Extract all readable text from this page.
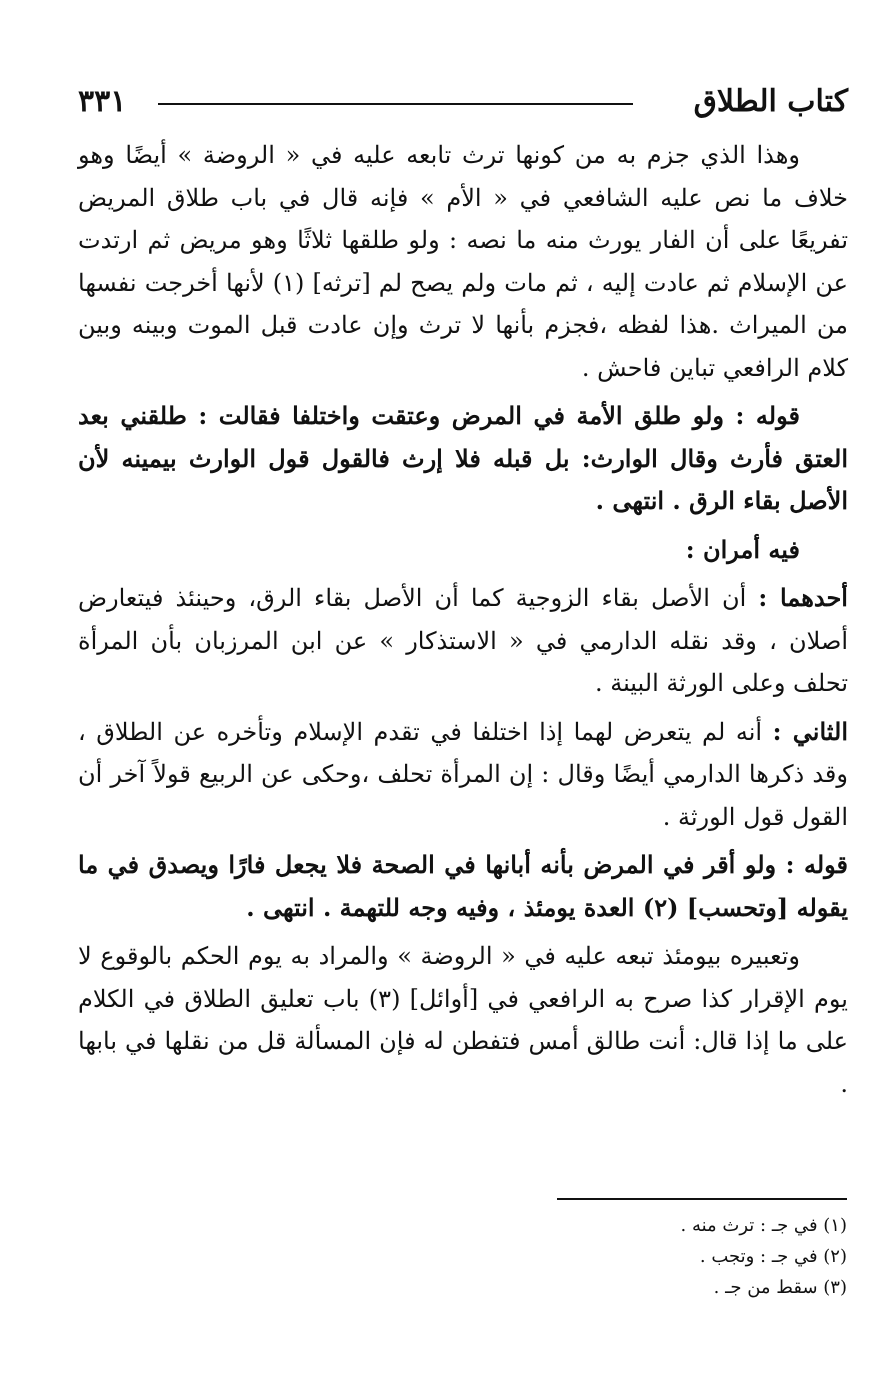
كتاب الطلاق
٣٣١

وهذا الذي جزم به من كونها ترث تابعه عليه في « الروضة » أيضًا وهو خلاف ما نص عليه الشافعي في « الأم » فإنه قال في باب طلاق المريض تفريعًا على أن الفار يورث منه ما نصه : ولو طلقها ثلاثًا وهو مريض ثم ارتدت عن الإسلام ثم عادت إليه ، ثم مات ولم يصح لم [ترثه] (١) لأنها أخرجت نفسها من الميراث .هذا لفظه ،فجزم بأنها لا ترث وإن عادت قبل الموت وبينه وبين كلام الرافعي تباين فاحش .

قوله : ولو طلق الأمة في المرض وعتقت واختلفا فقالت : طلقني بعد العتق فأرث وقال الوارث: بل قبله فلا إرث فالقول قول الوارث بيمينه لأن الأصل بقاء الرق . انتهى .

فيه أمران :

أحدهما : أن الأصل بقاء الزوجية كما أن الأصل بقاء الرق، وحينئذ فيتعارض أصلان ، وقد نقله الدارمي في « الاستذكار » عن ابن المرزبان بأن المرأة تحلف وعلى الورثة البينة .

الثاني : أنه لم يتعرض لهما إذا اختلفا في تقدم الإسلام وتأخره عن الطلاق ، وقد ذكرها الدارمي أيضًا وقال : إن المرأة تحلف ،وحكى عن الربيع قولاً آخر أن القول قول الورثة .

قوله : ولو أقر في المرض بأنه أبانها في الصحة فلا يجعل فارًا ويصدق في ما يقوله [وتحسب] (٢) العدة يومئذ ، وفيه وجه للتهمة . انتهى .

وتعبيره بيومئذ تبعه عليه في « الروضة » والمراد به يوم الحكم بالوقوع لا يوم الإقرار كذا صرح به الرافعي في [أوائل] (٣) باب تعليق الطلاق في الكلام على ما إذا قال: أنت طالق أمس فتفطن له فإن المسألة قل من نقلها في بابها .

(١) في جـ : ترث منه .

(٢) في جـ : وتجب .

(٣) سقط من جـ .
